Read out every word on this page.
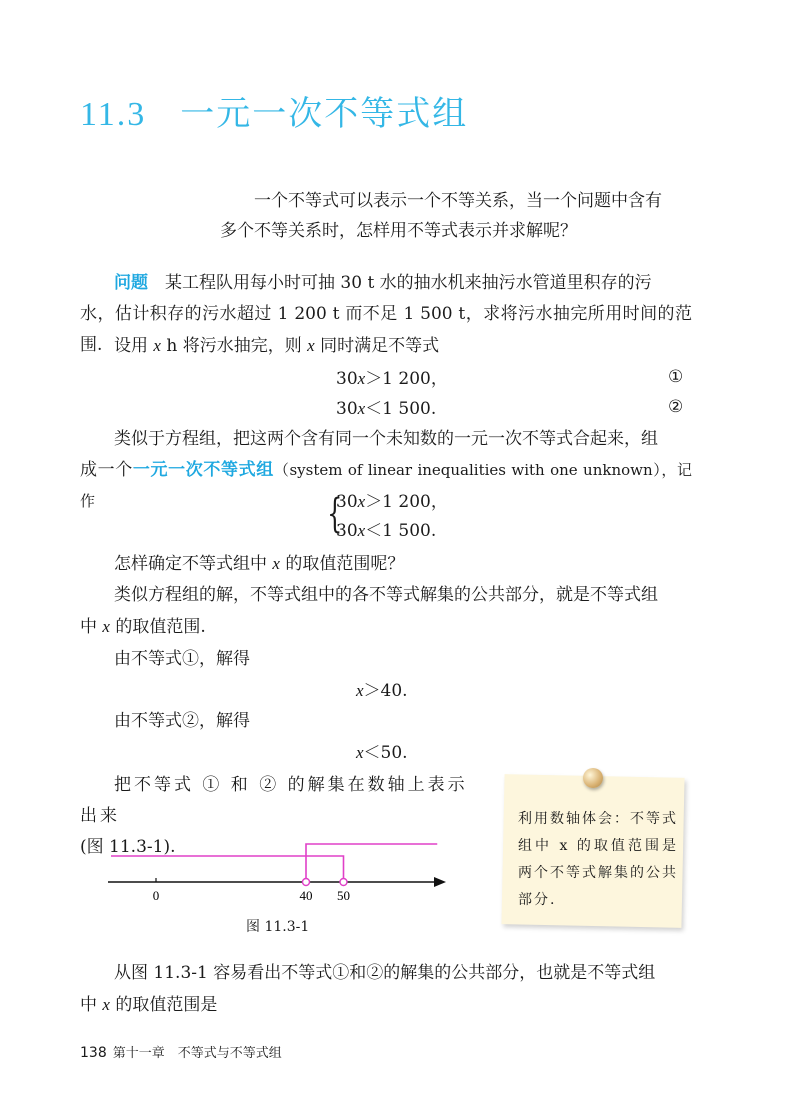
11.3 一元一次不等式组
一个不等式可以表示一个不等关系，当一个问题中含有
多个不等关系时，怎样用不等式表示并求解呢？
问题　 某工程队用每小时可抽 30 t 水的抽水机来抽污水管道里积存的污
水，估计积存的污水超过 1 200 t 而不足 1 500 t，求将污水抽完所用时间的范围. 设用 x h 将污水抽完，则 x 同时满足不等式
30x＞1 200，	①
30x＜1 500.	②
类似于方程组，把这两个含有同一个未知数的一元一次不等式合起来，组
成一个一元一次不等式组（system of linear inequalities with one unknown），记作	{
30x＞1 200，
30x＜1 500.
怎样确定不等式组中 x 的取值范围呢？
类似方程组的解，不等式组中的各不等式解集的公共部分，就是不等式组
中 x 的取值范围.
由不等式①，解得
x＞40.
由不等式②，解得
x＜50.
把不等式 ① 和 ② 的解集在数轴上表示出来
(图 11.3-1).
0	40 50
图 11.3-1
利用数轴体会：不等式组中 x 的取值范围是两个不等式解集的公共部分.
从图 11.3-1 容易看出不等式①和②的解集的公共部分，也就是不等式组
中 x 的取值范围是
138 第十一章　不等式与不等式组
